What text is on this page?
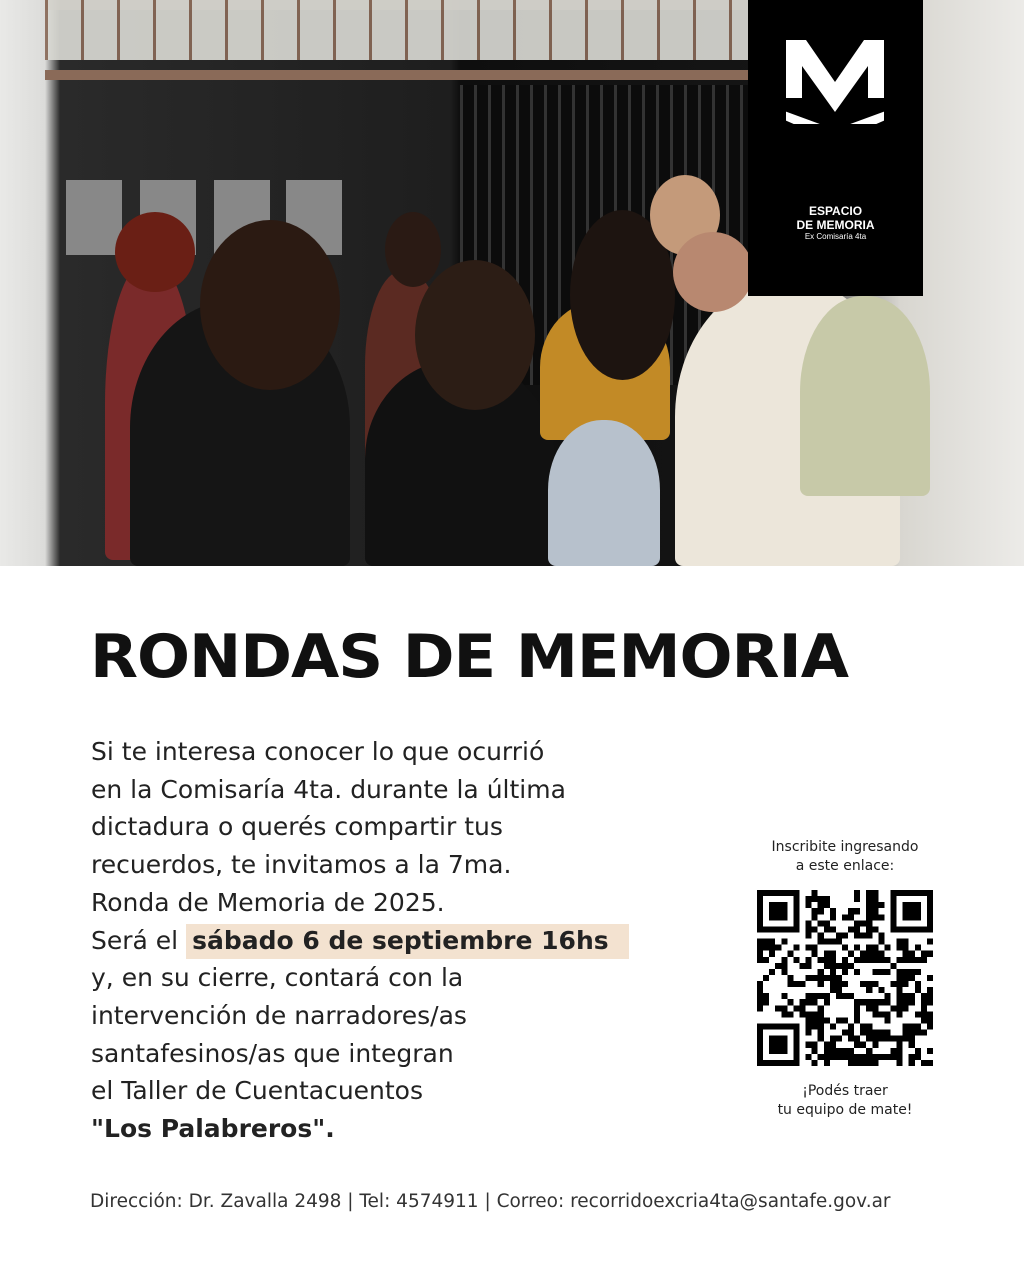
ESPACIO
DE MEMORIA
Ex Comisaría 4ta
RONDAS DE MEMORIA
Si te interesa conocer lo que ocurrió
en la Comisaría 4ta. durante la última
dictadura o querés compartir tus
recuerdos, te invitamos a la 7ma.
Ronda de Memoria de 2025.
Será el sábado 6 de septiembre 16hs
y, en su cierre, contará con la
intervención de narradores/as
santafesinos/as que integran
el Taller de Cuentacuentos
"Los Palabreros".
Inscribite ingresando
a este enlace:
¡Podés traer
tu equipo de mate!
Dirección: Dr. Zavalla 2498 | Tel: 4574911 | Correo: recorridoexcria4ta@santafe.gov.ar
